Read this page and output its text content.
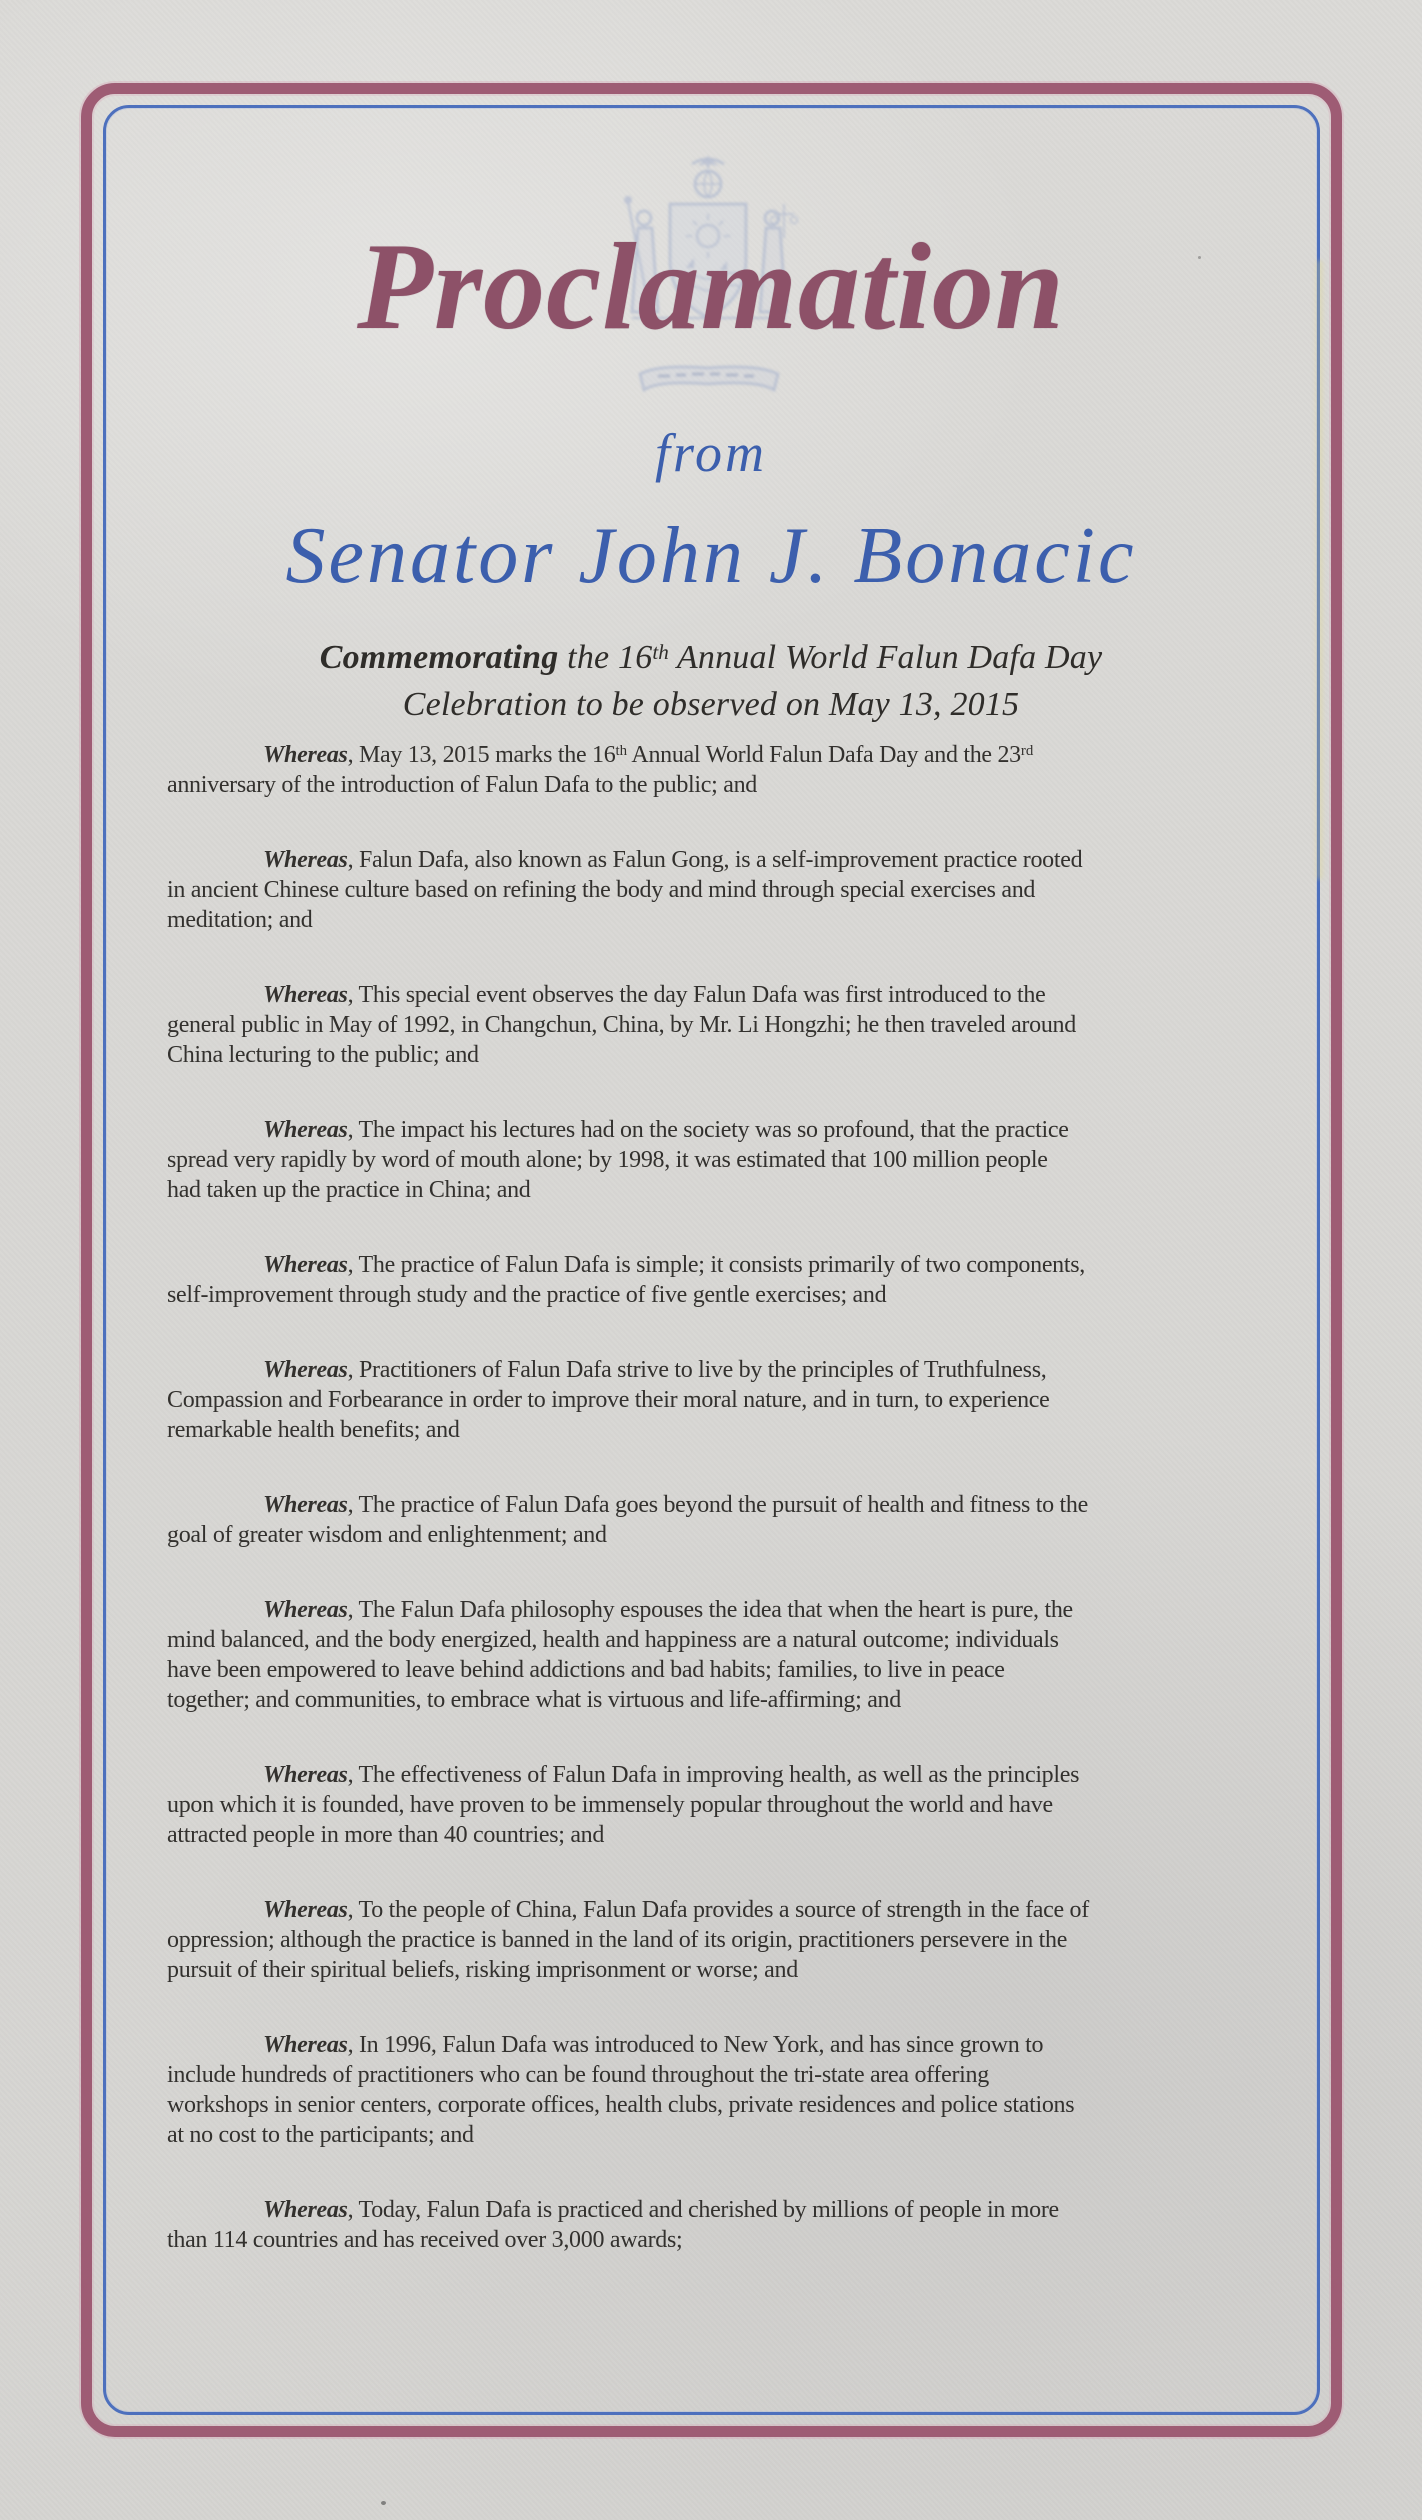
Proclamation
from
Senator John J. Bonacic
Commemorating the 16th Annual World Falun Dafa Day
Celebration to be observed on May 13, 2015
Whereas, May 13, 2015 marks the 16th Annual World Falun Dafa Day and the 23rd
anniversary of the introduction of Falun Dafa to the public; and
Whereas, Falun Dafa, also known as Falun Gong, is a self-improvement practice rooted
in ancient Chinese culture based on refining the body and mind through special exercises and
meditation; and
Whereas, This special event observes the day Falun Dafa was first introduced to the
general public in May of 1992, in Changchun, China, by Mr. Li Hongzhi; he then traveled around
China lecturing to the public; and
Whereas, The impact his lectures had on the society was so profound, that the practice
spread very rapidly by word of mouth alone; by 1998, it was estimated that 100 million people
had taken up the practice in China; and
Whereas, The practice of Falun Dafa is simple; it consists primarily of two components,
self-improvement through study and the practice of five gentle exercises; and
Whereas, Practitioners of Falun Dafa strive to live by the principles of Truthfulness,
Compassion and Forbearance in order to improve their moral nature, and in turn, to experience
remarkable health benefits; and
Whereas, The practice of Falun Dafa goes beyond the pursuit of health and fitness to the
goal of greater wisdom and enlightenment; and
Whereas, The Falun Dafa philosophy espouses the idea that when the heart is pure, the
mind balanced, and the body energized, health and happiness are a natural outcome; individuals
have been empowered to leave behind addictions and bad habits; families, to live in peace
together; and communities, to embrace what is virtuous and life-affirming; and
Whereas, The effectiveness of Falun Dafa in improving health, as well as the principles
upon which it is founded, have proven to be immensely popular throughout the world and have
attracted people in more than 40 countries; and
Whereas, To the people of China, Falun Dafa provides a source of strength in the face of
oppression; although the practice is banned in the land of its origin, practitioners persevere in the
pursuit of their spiritual beliefs, risking imprisonment or worse; and
Whereas, In 1996, Falun Dafa was introduced to New York, and has since grown to
include hundreds of practitioners who can be found throughout the tri-state area offering
workshops in senior centers, corporate offices, health clubs, private residences and police stations
at no cost to the participants; and
Whereas, Today, Falun Dafa is practiced and cherished by millions of people in more
than 114 countries and has received over 3,000 awards;
